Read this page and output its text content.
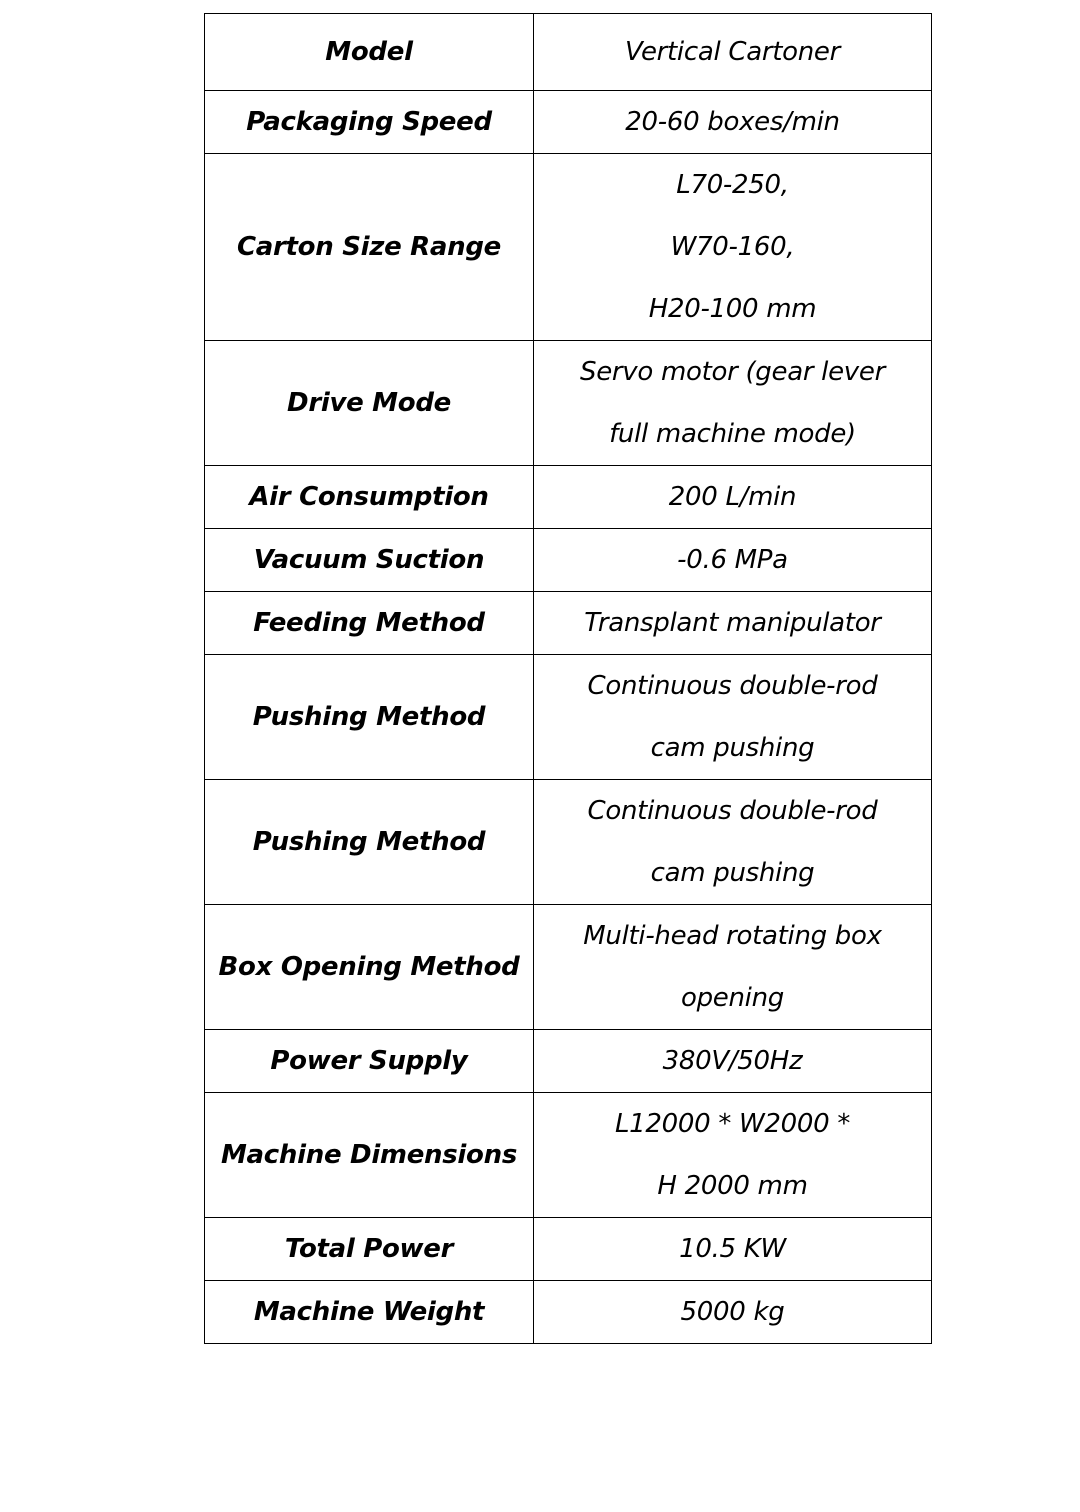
Model	Vertical Cartoner

Packaging Speed	20-60 boxes/min

Carton Size Range	L70-250,
W70-160,
H20-100 mm

Drive Mode	Servo motor (gear lever
full machine mode)

Air Consumption	200 L/min

Vacuum Suction	-0.6 MPa

Feeding Method	Transplant manipulator

Pushing Method	Continuous double-rod
cam pushing

Pushing Method	Continuous double-rod
cam pushing

Box Opening Method	Multi-head rotating box
opening

Power Supply	380V/50Hz

Machine Dimensions	L12000 * W2000 *
H 2000 mm

Total Power	10.5 KW

Machine Weight	5000 kg
